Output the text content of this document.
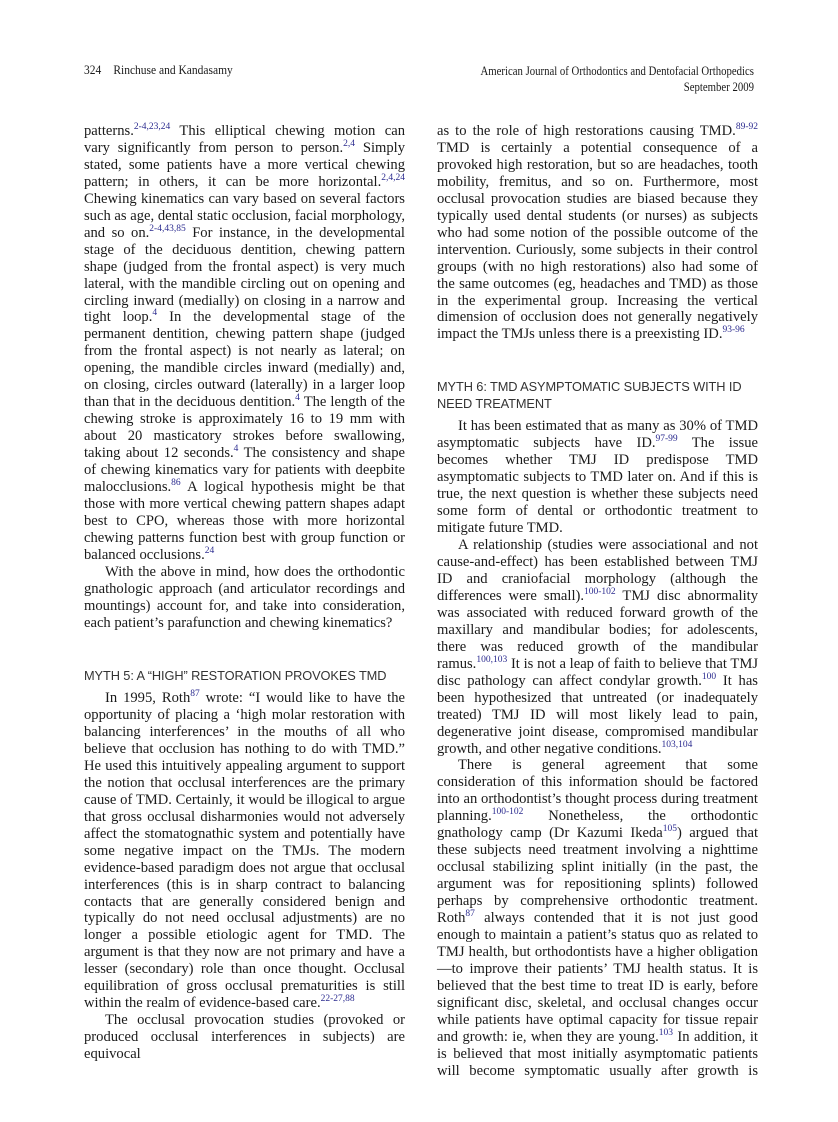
324 Rinchuse and Kandasamy	American Journal of Orthodontics and Dentofacial Orthopedics
September 2009

patterns.$^{2-4,23,24}$ This elliptical chewing motion can vary significantly from person to person.$^{2,4}$ Simply stated, some patients have a more vertical chewing pattern; in others, it can be more horizontal.$^{2,4,24}$ Chewing kinematics can vary based on several factors such as age, dental static occlusion, facial morphology, and so on.$^{2-4,43,85}$ For instance, in the developmental stage of the deciduous dentition, chewing pattern shape (judged from the frontal aspect) is very much lateral, with the mandible circling out on opening and circling inward (medially) on closing in a narrow and tight loop.$^4$ In the developmental stage of the permanent dentition, chewing pattern shape (judged from the frontal aspect) is not nearly as lateral; on opening, the mandible circles inward (medially) and, on closing, circles outward (laterally) in a larger loop than that in the deciduous dentition.$^4$ The length of the chewing stroke is approximately 16 to 19 mm with about 20 masticatory strokes before swallowing, taking about 12 seconds.$^4$ The consistency and shape of chewing kinematics vary for patients with deepbite malocclusions.$^{86}$ A logical hypothesis might be that those with more vertical chewing pattern shapes adapt best to CPO, whereas those with more horizontal chewing patterns function best with group function or balanced occlusions.$^{24}$

With the above in mind, how does the orthodontic gnathologic approach (and articulator recordings and mountings) account for, and take into consideration, each patient’s parafunction and chewing kinematics?

MYTH 5: A “HIGH” RESTORATION PROVOKES TMD

In 1995, Roth$^{87}$ wrote: “I would like to have the opportunity of placing a ‘high molar restoration with balancing interferences’ in the mouths of all who believe that occlusion has nothing to do with TMD.” He used this intuitively appealing argument to support the notion that occlusal interferences are the primary cause of TMD. Certainly, it would be illogical to argue that gross occlusal disharmonies would not adversely affect the stomatognathic system and potentially have some negative impact on the TMJs. The modern evidence-based paradigm does not argue that occlusal interferences (this is in sharp contract to balancing contacts that are generally considered benign and typically do not need occlusal adjustments) are no longer a possible etiologic agent for TMD. The argument is that they now are not primary and have a lesser (secondary) role than once thought. Occlusal equilibration of gross occlusal prematurities is still within the realm of evidence-based care.$^{22-27,88}$

The occlusal provocation studies (provoked or produced occlusal interferences in subjects) are equivocal

as to the role of high restorations causing TMD.$^{89-92}$ TMD is certainly a potential consequence of a provoked high restoration, but so are headaches, tooth mobility, fremitus, and so on. Furthermore, most occlusal provocation studies are biased because they typically used dental students (or nurses) as subjects who had some notion of the possible outcome of the intervention. Curiously, some subjects in their control groups (with no high restorations) also had some of the same outcomes (eg, headaches and TMD) as those in the experimental group. Increasing the vertical dimension of occlusion does not generally negatively impact the TMJs unless there is a preexisting ID.$^{93-96}$

MYTH 6: TMD ASYMPTOMATIC SUBJECTS WITH ID NEED TREATMENT

It has been estimated that as many as 30% of TMD asymptomatic subjects have ID.$^{97-99}$ The issue becomes whether TMJ ID predispose TMD asymptomatic subjects to TMD later on. And if this is true, the next question is whether these subjects need some form of dental or orthodontic treatment to mitigate future TMD.

A relationship (studies were associational and not cause-and-effect) has been established between TMJ ID and craniofacial morphology (although the differences were small).$^{100-102}$ TMJ disc abnormality was associated with reduced forward growth of the maxillary and mandibular bodies; for adolescents, there was reduced growth of the mandibular ramus.$^{100,103}$ It is not a leap of faith to believe that TMJ disc pathology can affect condylar growth.$^{100}$ It has been hypothesized that untreated (or inadequately treated) TMJ ID will most likely lead to pain, degenerative joint disease, compromised mandibular growth, and other negative conditions.$^{103,104}$

There is general agreement that some consideration of this information should be factored into an orthodontist’s thought process during treatment planning.$^{100-102}$ Nonetheless, the orthodontic gnathology camp (Dr Kazumi Ikeda$^{105}$) argued that these subjects need treatment involving a nighttime occlusal stabilizing splint initially (in the past, the argument was for repositioning splints) followed perhaps by comprehensive orthodontic treatment. Roth$^{87}$ always contended that it is not just good enough to maintain a patient’s status quo as related to TMJ health, but orthodontists have a higher obligation—to improve their patients’ TMJ health status. It is believed that the best time to treat ID is early, before significant disc, skeletal, and occlusal changes occur while patients have optimal capacity for tissue repair and growth: ie, when they are young.$^{103}$ In addition, it is believed that most initially asymptomatic patients will become symptomatic usually after growth is
